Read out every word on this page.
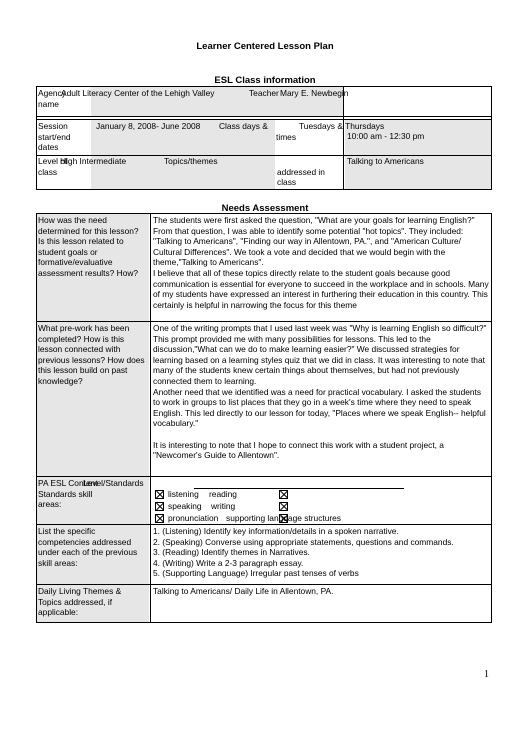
Learner Centered Lesson Plan
ESL Class information
Agency name
Adult Literacy Center of the Lehigh Valley	Teacher Mary E. Newbegin
Session start/end dates
January 8, 2008- June 2008 Class days &
times
Tuesdays & Thursdays
10:00 am - 12:30 pm
Level of class
High Intermediate	Topics/themes
addressed in
class
Talking to Americans
Needs Assessment
How was the need determined for this lesson? Is this lesson related to student goals or formative/evaluative assessment results? How?

The students were first asked the question, "What are your goals for learning English?" From that question, I was able to identify some potential "hot topics". They included: "Talking to Americans", "Finding our way in Allentown, PA.", and "American Culture/ Cultural Differences". We took a vote and decided that we would begin with the theme,"Talking to Americans".

I believe that all of these topics directly relate to the student goals because good communication is essential for everyone to succeed in the workplace and in schools. Many of my students have expressed an interest in furthering their education in this country. This certainly is helpful in narrowing the focus for this theme

What pre-work has been completed? How is this lesson connected with previous lessons? How does this lesson build on past knowledge?

One of the writing prompts that I used last week was "Why is learning English so difficult?" This prompt provided me with many possibilities for lessons. This led to the discussion,"What can we do to make learning easier?" We discussed strategies for learning based on a learning styles quiz that we did in class. It was interesting to note that many of the students knew certain things about themselves, but had not previously connected them to learning.

Another need that we identified was a need for practical vocabulary. I asked the students to work in groups to list places that they go in a week's time where they need to speak English. This led directly to our lesson for today, "Places where we speak English-- helpful vocabulary."

It is interesting to note that I hope to connect this work with a student project, a "Newcomer's Guide to Allentown".

PA ESL Content Standards skill areas:
Level/Standards
listening reading
speaking writing
pronunciation supporting language structures
List the specific competencies addressed under each of the previous skill areas:
1. (Listening) Identify key information/details in a spoken narrative.
2. (Speaking) Converse using appropriate statements, questions and commands.
3. (Reading) Identify themes in Narratives.
4. (Writing) Write a 2-3 paragraph essay.
5. (Supporting Language) Irregular past tenses of verbs
Daily Living Themes & Topics addressed, if applicable:
Talking to Americans/ Daily Life in Allentown, PA.
1
